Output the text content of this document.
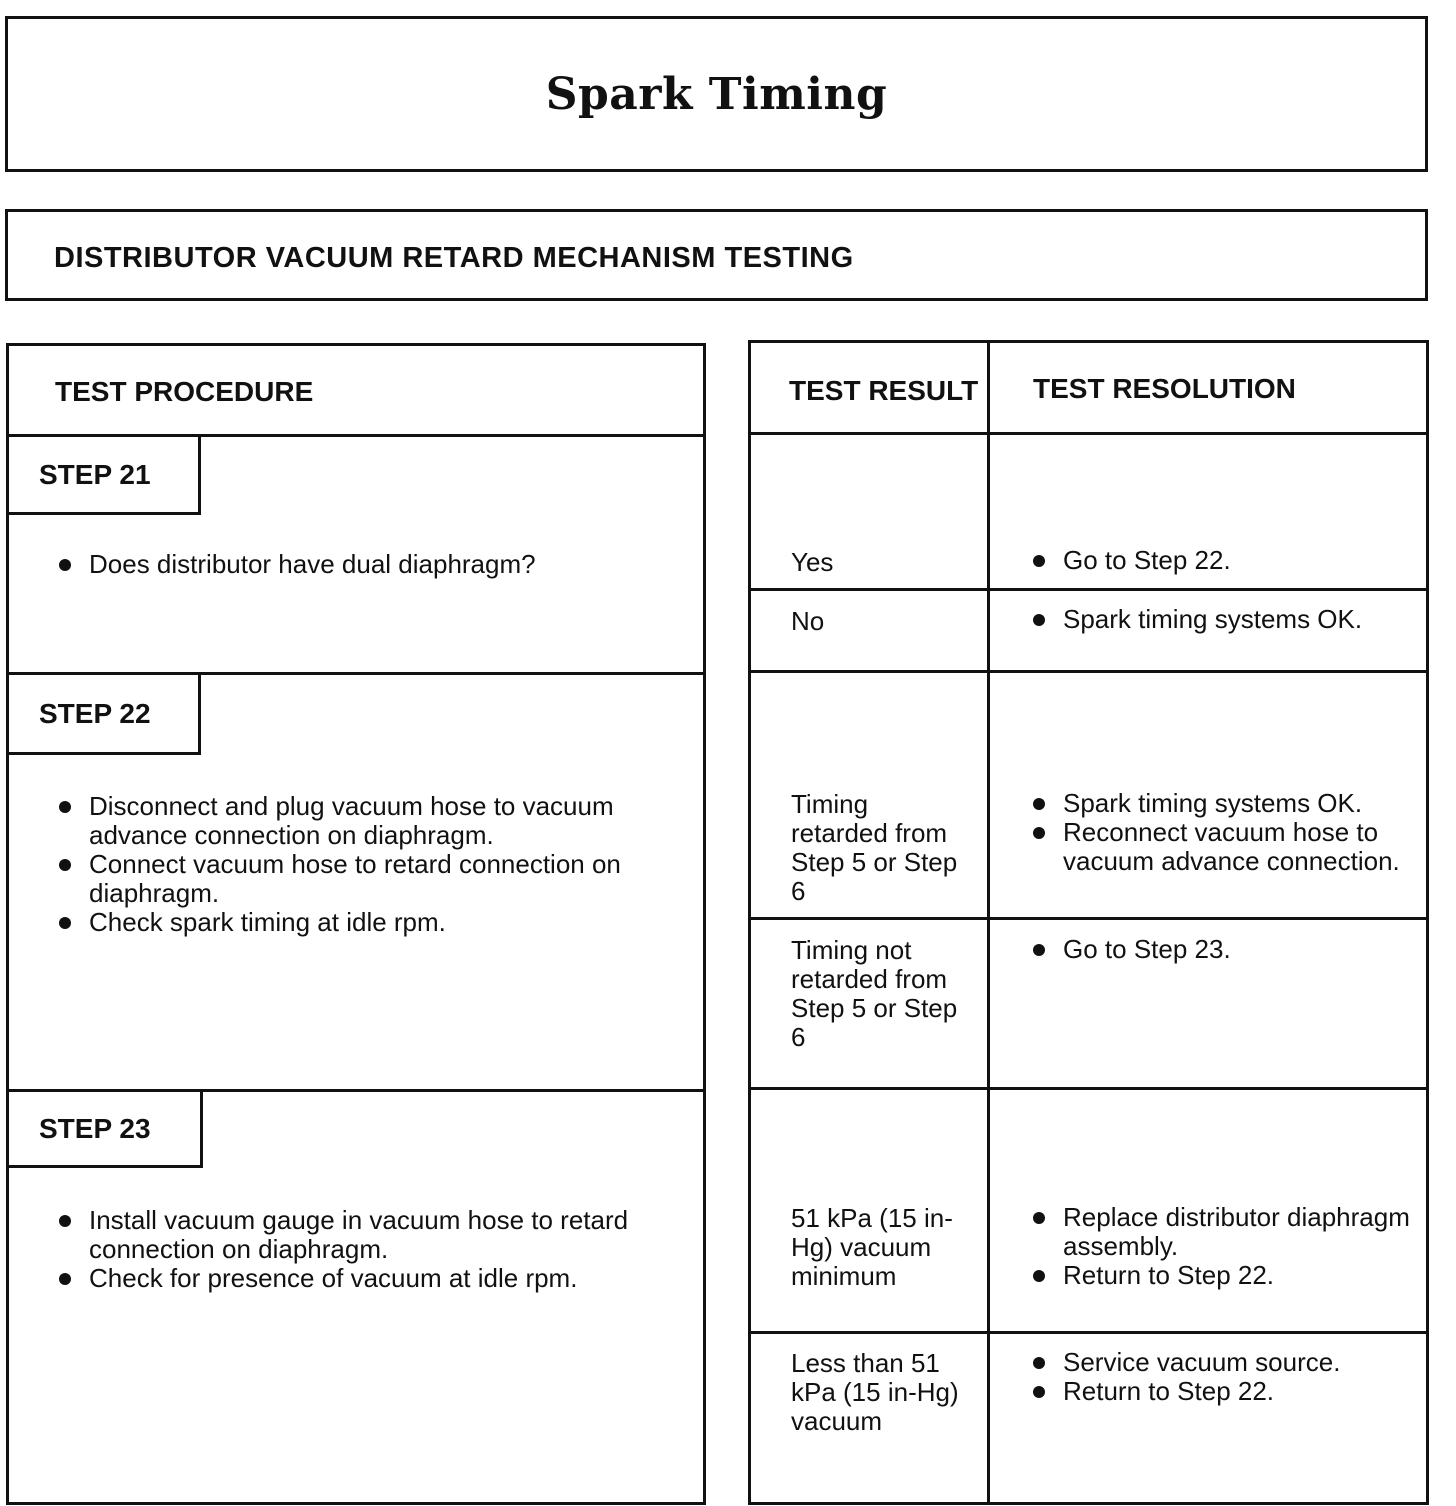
Spark Timing
DISTRIBUTOR VACUUM RETARD MECHANISM TESTING
TEST PROCEDURE
STEP 21
Does distributor have dual diaphragm?
STEP 22
Disconnect and plug vacuum hose to vacuum advance connection on diaphragm.
Connect vacuum hose to retard connection on diaphragm.
Check spark timing at idle rpm.
STEP 23
Install vacuum gauge in vacuum hose to retard connection on diaphragm.
Check for presence of vacuum at idle rpm.
TEST RESULT TEST RESOLUTION
Yes	Go to Step 22.
No	Spark timing systems OK.
Timing retarded from Step 5 or Step 6
Spark timing systems OK.
Reconnect vacuum hose to vacuum advance connection.
Timing not retarded from Step 5 or Step 6
Go to Step 23.
51 kPa (15 in-Hg) vacuum minimum
Replace distributor diaphragm assembly.
Return to Step 22.
Less than 51 kPa (15 in-Hg) vacuum
Service vacuum source.
Return to Step 22.
